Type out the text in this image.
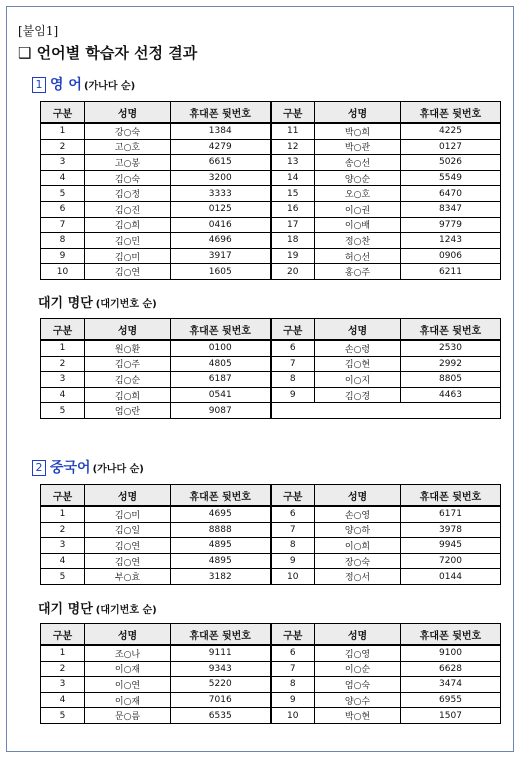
[붙임1]
❑ 언어별 학습자 선정 결과
1 영 어 (가나다 순)
구분	성명	휴대폰 뒷번호	구분	성명	휴대폰 뒷번호
1	강○숙	1384	11	박○희	4225
2	고○호	4279	12	박○관	0127
3	고○봉	6615	13	송○선	5026
4	김○숙	3200	14	양○순	5549
5	김○정	3333	15	오○호	6470
6	김○진	0125	16	이○권	8347
7	김○희	0416	17	이○배	9779
8	김○민	4696	18	정○찬	1243
9	김○미	3917	19	허○선	0906
10	김○연	1605	20	홍○주	6211
대기 명단 (대기번호 순)
구분	성명	휴대폰 뒷번호	구분	성명	휴대폰 뒷번호
1	원○환	0100	6	손○령	2530
2	김○주	4805	7	김○현	2992
3	김○순	6187	8	이○지	8805
4	김○희	0541	9	김○경	4463
5	엄○란	9087			
2 중국어 (가나다 순)
구분	성명	휴대폰 뒷번호	구분	성명	휴대폰 뒷번호
1	김○미	4695	6	손○영	6171
2	김○일	8888	7	양○하	3978
3	김○연	4895	8	이○희	9945
4	김○연	4895	9	장○숙	7200
5	부○효	3182	10	정○서	0144
대기 명단 (대기번호 순)
구분	성명	휴대폰 뒷번호	구분	성명	휴대폰 뒷번호
1	조○나	9111	6	김○영	9100
2	이○재	9343	7	이○순	6628
3	이○연	5220	8	엄○숙	3474
4	이○재	7016	9	양○수	6955
5	문○름	6535	10	박○현	1507
